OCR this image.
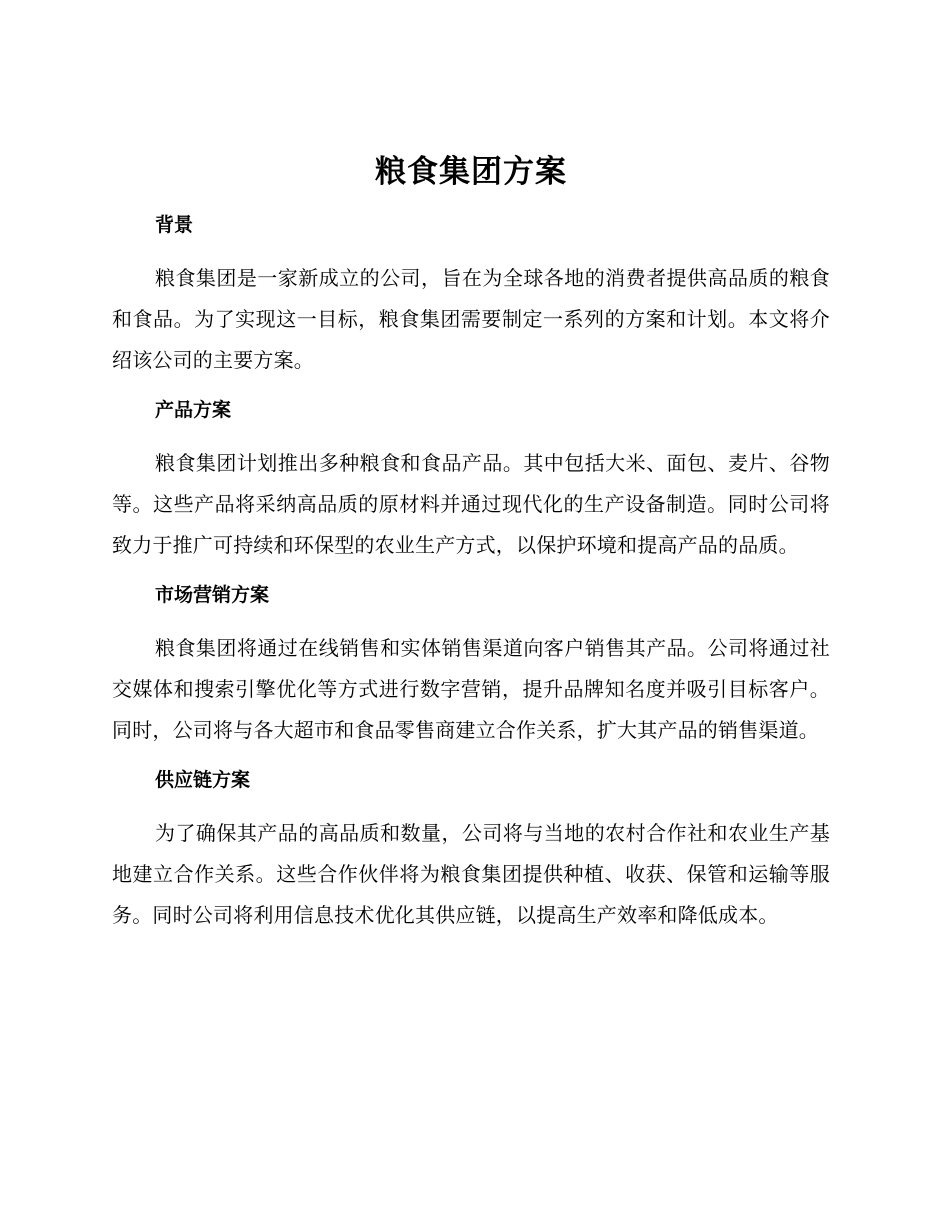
粮食集团方案
背景

粮食集团是一家新成立的公司，旨在为全球各地的消费者提供高品质的粮食和食品。为了实现这一目标，粮食集团需要制定一系列的方案和计划。本文将介绍该公司的主要方案。

产品方案

粮食集团计划推出多种粮食和食品产品。其中包括大米、面包、麦片、谷物等。这些产品将采纳高品质的原材料并通过现代化的生产设备制造。同时公司将致力于推广可持续和环保型的农业生产方式，以保护环境和提高产品的品质。

市场营销方案

粮食集团将通过在线销售和实体销售渠道向客户销售其产品。公司将通过社交媒体和搜索引擎优化等方式进行数字营销，提升品牌知名度并吸引目标客户。同时，公司将与各大超市和食品零售商建立合作关系，扩大其产品的销售渠道。

供应链方案

为了确保其产品的高品质和数量，公司将与当地的农村合作社和农业生产基地建立合作关系。这些合作伙伴将为粮食集团提供种植、收获、保管和运输等服务。同时公司将利用信息技术优化其供应链，以提高生产效率和降低成本。
